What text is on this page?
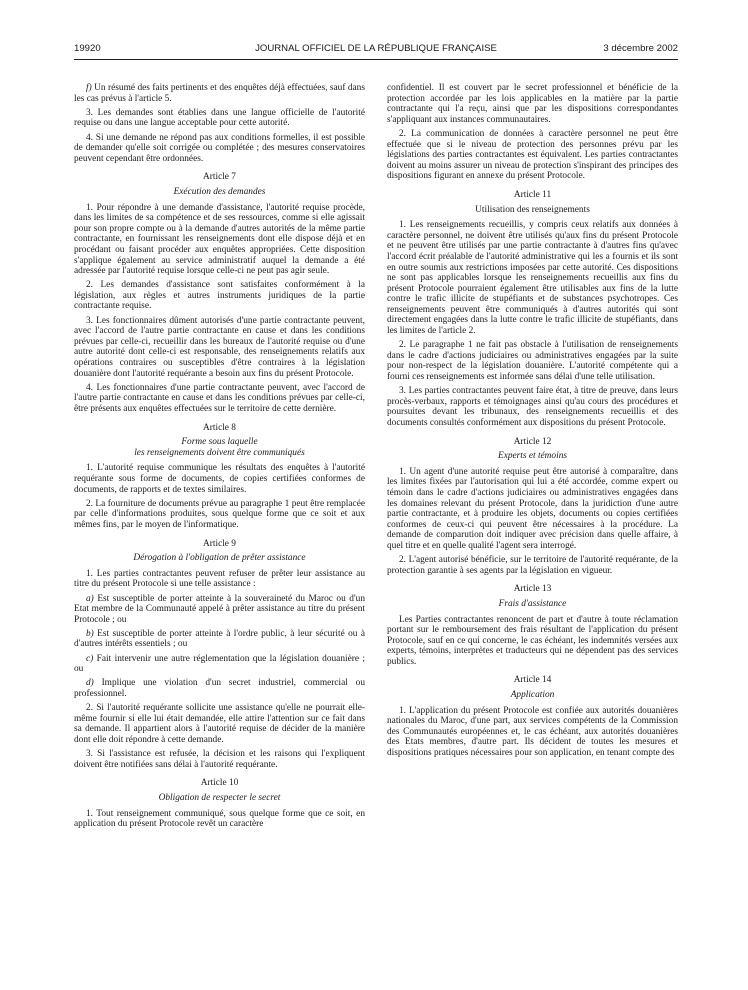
19920	JOURNAL OFFICIEL DE LA RÉPUBLIQUE FRANÇAISE	3 décembre 2002

f) Un résumé des faits pertinents et des enquêtes déjà effectuées, sauf dans les cas prévus à l'article 5.

3. Les demandes sont établies dans une langue officielle de l'autorité requise ou dans une langue acceptable pour cette autorité.

4. Si une demande ne répond pas aux conditions formelles, il est possible de demander qu'elle soit corrigée ou complétée ; des mesures conservatoires peuvent cependant être ordonnées.

Article 7
Exécution des demandes

1. Pour répondre à une demande d'assistance, l'autorité requise procède, dans les limites de sa compétence et de ses ressources, comme si elle agissait pour son propre compte ou à la demande d'autres autorités de la même partie contractante, en fournissant les renseignements dont elle dispose déjà et en procédant ou faisant procéder aux enquêtes appropriées. Cette disposition s'applique également au service administratif auquel la demande a été adressée par l'autorité requise lorsque celle-ci ne peut pas agir seule.

2. Les demandes d'assistance sont satisfaites conformément à la législation, aux règles et autres instruments juridiques de la partie contractante requise.

3. Les fonctionnaires dûment autorisés d'une partie contractante peuvent, avec l'accord de l'autre partie contractante en cause et dans les conditions prévues par celle-ci, recueillir dans les bureaux de l'autorité requise ou d'une autre autorité dont celle-ci est responsable, des renseignements relatifs aux opérations contraires ou susceptibles d'être contraires à la législation douanière dont l'autorité requérante a besoin aux fins du présent Protocole.

4. Les fonctionnaires d'une partie contractante peuvent, avec l'accord de l'autre partie contractante en cause et dans les conditions prévues par celle-ci, être présents aux enquêtes effectuées sur le territoire de cette dernière.

Article 8
Forme sous laquelle
les renseignements doivent être communiqués

1. L'autorité requise communique les résultats des enquêtes à l'autorité requérante sous forme de documents, de copies certifiées conformes de documents, de rapports et de textes similaires.

2. La fourniture de documents prévue au paragraphe 1 peut être remplacée par celle d'informations produites, sous quelque forme que ce soit et aux mêmes fins, par le moyen de l'informatique.

Article 9
Dérogation à l'obligation de prêter assistance

1. Les parties contractantes peuvent refuser de prêter leur assistance au titre du présent Protocole si une telle assistance :

a) Est susceptible de porter atteinte à la souveraineté du Maroc ou d'un Etat membre de la Communauté appelé à prêter assistance au titre du présent Protocole ; ou

b) Est susceptible de porter atteinte à l'ordre public, à leur sécurité ou à d'autres intérêts essentiels ; ou

c) Fait intervenir une autre réglementation que la législation douanière ; ou

d) Implique une violation d'un secret industriel, commercial ou professionnel.

2. Si l'autorité requérante sollicite une assistance qu'elle ne pourrait elle-même fournir si elle lui était demandée, elle attire l'attention sur ce fait dans sa demande. Il appartient alors à l'autorité requise de décider de la manière dont elle doit répondre à cette demande.

3. Si l'assistance est refusée, la décision et les raisons qui l'expliquent doivent être notifiées sans délai à l'autorité requérante.

Article 10
Obligation de respecter le secret

1. Tout renseignement communiqué, sous quelque forme que ce soit, en application du présent Protocole revêt un caractère

confidentiel. Il est couvert par le secret professionnel et bénéficie de la protection accordée par les lois applicables en la matière par la partie contractante qui l'a reçu, ainsi que par les dispositions correspondantes s'appliquant aux instances communautaires.

2. La communication de données à caractère personnel ne peut être effectuée que si le niveau de protection des personnes prévu par les législations des parties contractantes est équivalent. Les parties contractantes doivent au moins assurer un niveau de protection s'inspirant des principes des dispositions figurant en annexe du présent Protocole.

Article 11
Utilisation des renseignements

1. Les renseignements recueillis, y compris ceux relatifs aux données à caractère personnel, ne doivent être utilisés qu'aux fins du présent Protocole et ne peuvent être utilisés par une partie contractante à d'autres fins qu'avec l'accord écrit préalable de l'autorité administrative qui les a fournis et ils sont en outre soumis aux restrictions imposées par cette autorité. Ces dispositions ne sont pas applicables lorsque les renseignements recueillis aux fins du présent Protocole pourraient également être utilisables aux fins de la lutte contre le trafic illicite de stupéfiants et de substances psychotropes. Ces renseignements peuvent être communiqués à d'autres autorités qui sont directement engagées dans la lutte contre le trafic illicite de stupéfiants, dans les limites de l'article 2.

2. Le paragraphe 1 ne fait pas obstacle à l'utilisation de renseignements dans le cadre d'actions judiciaires ou administratives engagées par la suite pour non-respect de la législation douanière. L'autorité compétente qui a fourni ces renseignements est informée sans délai d'une telle utilisation.

3. Les parties contractantes peuvent faire état, à titre de preuve, dans leurs procès-verbaux, rapports et témoignages ainsi qu'au cours des procédures et poursuites devant les tribunaux, des renseignements recueillis et des documents consultés conformément aux dispositions du présent Protocole.

Article 12
Experts et témoins

1. Un agent d'une autorité requise peut être autorisé à comparaître, dans les limites fixées par l'autorisation qui lui a été accordée, comme expert ou témoin dans le cadre d'actions judiciaires ou administratives engagées dans les domaines relevant du présent Protocole, dans la juridiction d'une autre partie contractante, et à produire les objets, documents ou copies certifiées conformes de ceux-ci qui peuvent être nécessaires à la procédure. La demande de comparution doit indiquer avec précision dans quelle affaire, à quel titre et en quelle qualité l'agent sera interrogé.

2. L'agent autorisé bénéficie, sur le territoire de l'autorité requérante, de la protection garantie à ses agents par la législation en vigueur.

Article 13
Frais d'assistance

Les Parties contractantes renoncent de part et d'autre à toute réclamation portant sur le remboursement des frais résultant de l'application du présent Protocole, sauf en ce qui concerne, le cas échéant, les indemnités versées aux experts, témoins, interprètes et traducteurs qui ne dépendent pas des services publics.

Article 14
Application

1. L'application du présent Protocole est confiée aux autorités douanières nationales du Maroc, d'une part, aux services compétents de la Commission des Communautés européennes et, le cas échéant, aux autorités douanières des Etats membres, d'autre part. Ils décident de toutes les mesures et dispositions pratiques nécessaires pour son application, en tenant compte des
